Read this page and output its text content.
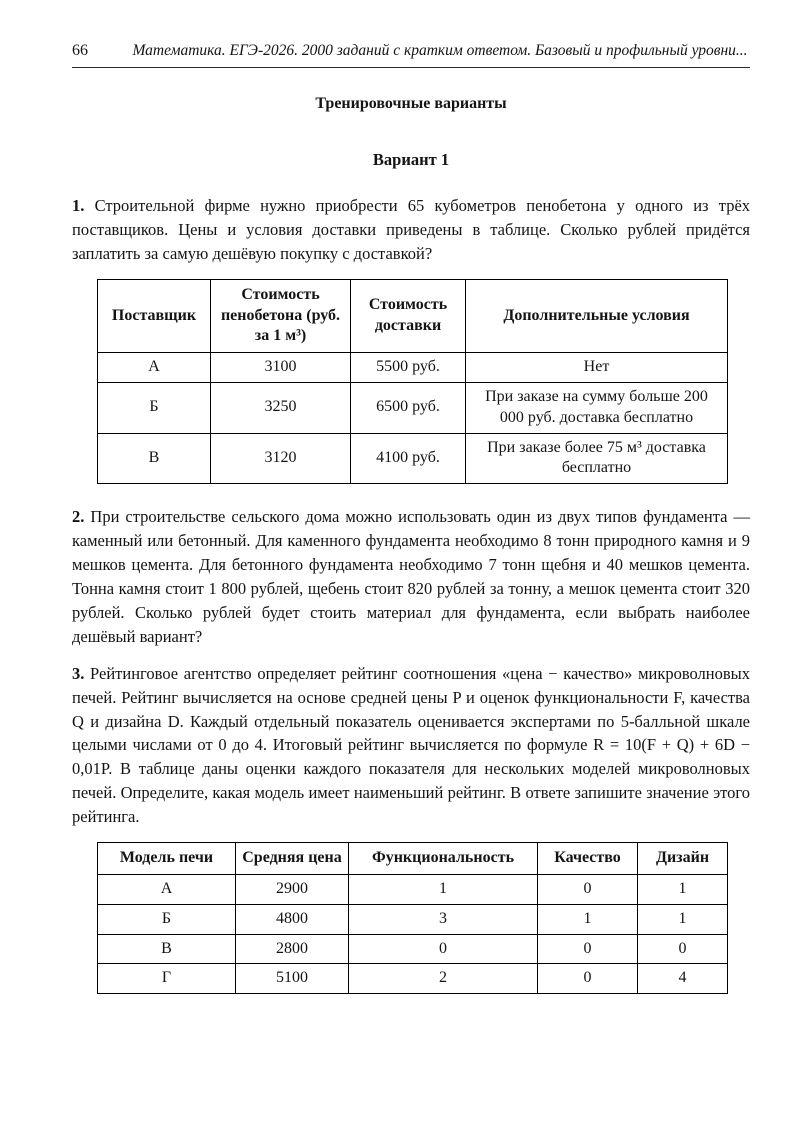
66	Математика. ЕГЭ-2026. 2000 заданий с кратким ответом. Базовый и профильный уровни...
Тренировочные варианты
Вариант 1

1. Строительной фирме нужно приобрести 65 кубометров пенобетона у одного из трёх поставщиков. Цены и условия доставки приведены в таблице. Сколько рублей придётся заплатить за самую дешёвую покупку с доставкой?

Поставщик	Стоимость пенобетона (руб. за 1 м³)	Стоимость доставки	Дополнительные условия
А	3100	5500 руб.	Нет
Б	3250	6500 руб.	При заказе на сумму больше 200 000 руб. доставка бесплатно
В	3120	4100 руб.	При заказе более 75 м³ доставка бесплатно

2. При строительстве сельского дома можно использовать один из двух типов фундамента — каменный или бетонный. Для каменного фундамента необходимо 8 тонн природного камня и 9 мешков цемента. Для бетонного фундамента необходимо 7 тонн щебня и 40 мешков цемента. Тонна камня стоит 1 800 рублей, щебень стоит 820 рублей за тонну, а мешок цемента стоит 320 рублей. Сколько рублей будет стоить материал для фундамента, если выбрать наиболее дешёвый вариант?

3. Рейтинговое агентство определяет рейтинг соотношения «цена − качество» микроволновых печей. Рейтинг вычисляется на основе средней цены P и оценок функциональности F, качества Q и дизайна D. Каждый отдельный показатель оценивается экспертами по 5-балльной шкале целыми числами от 0 до 4. Итоговый рейтинг вычисляется по формуле R = 10(F + Q) + 6D − 0,01P. В таблице даны оценки каждого показателя для нескольких моделей микроволновых печей. Определите, какая модель имеет наименьший рейтинг. В ответе запишите значение этого рейтинга.

Модель печи	Средняя цена	Функциональность	Качество	Дизайн
А	2900	1	0	1
Б	4800	3	1	1
В	2800	0	0	0
Г	5100	2	0	4
